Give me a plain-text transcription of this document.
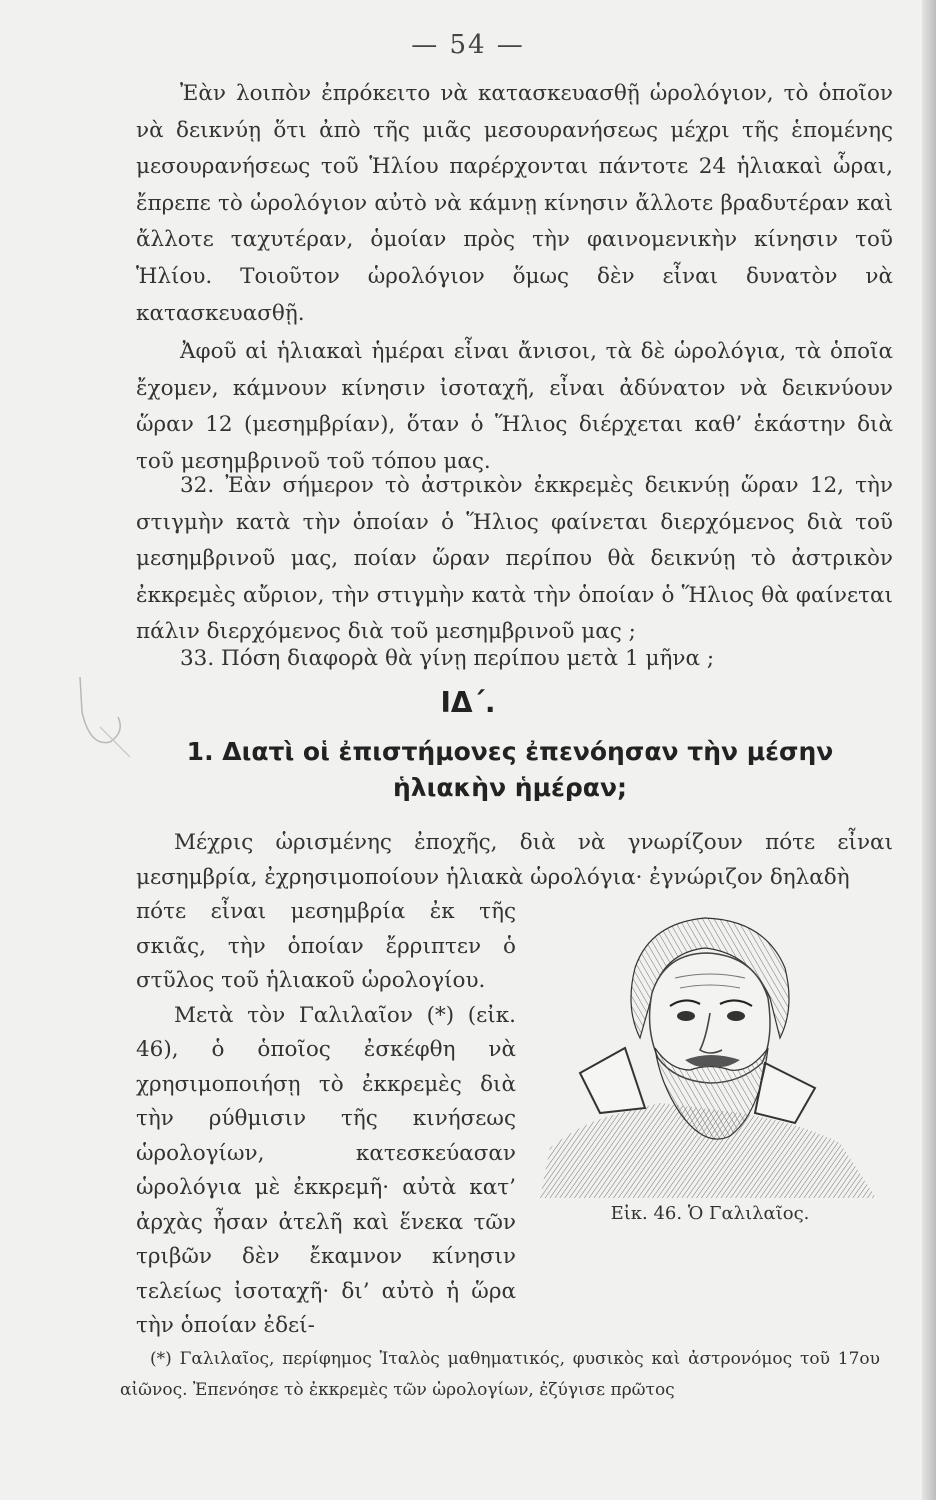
— 54 —

Ἐὰν λοιπὸν ἐπρόκειτο νὰ κατασκευασθῇ ὡρολόγιον, τὸ ὁποῖον νὰ δεικνύῃ ὅτι ἀπὸ τῆς μιᾶς μεσουρανήσεως μέχρι τῆς ἑπομένης μεσουρανήσεως τοῦ Ἡλίου παρέρχονται πάντοτε 24 ἡλιακαὶ ὧραι, ἔπρεπε τὸ ὡρολόγιον αὐτὸ νὰ κάμνῃ κίνησιν ἄλλοτε βραδυτέραν καὶ ἄλλοτε ταχυτέραν, ὁμοίαν πρὸς τὴν φαινομενικὴν κίνησιν τοῦ Ἡλίου. Τοιοῦτον ὡρολόγιον ὅμως δὲν εἶναι δυνατὸν νὰ κατασκευασθῇ.

Ἀφοῦ αἱ ἡλιακαὶ ἡμέραι εἶναι ἄνισοι, τὰ δὲ ὡρολόγια, τὰ ὁποῖα ἔχομεν, κάμνουν κίνησιν ἰσοταχῆ, εἶναι ἀδύνατον νὰ δεικνύουν ὥραν 12 (μεσημβρίαν), ὅταν ὁ Ἥλιος διέρχεται καθ’ ἑκάστην διὰ τοῦ μεσημβρινοῦ τοῦ τόπου μας.

32. Ἐὰν σήμερον τὸ ἀστρικὸν ἐκκρεμὲς δεικνύῃ ὥραν 12, τὴν στιγμὴν κατὰ τὴν ὁποίαν ὁ Ἥλιος φαίνεται διερχόμενος διὰ τοῦ μεσημβρινοῦ μας, ποίαν ὥραν περίπου θὰ δεικνύῃ τὸ ἀστρικὸν ἐκκρεμὲς αὔριον, τὴν στιγμὴν κατὰ τὴν ὁποίαν ὁ Ἥλιος θὰ φαίνεται πάλιν διερχόμενος διὰ τοῦ μεσημβρινοῦ μας ;

33. Πόση διαφορὰ θὰ γίνῃ περίπου μετὰ 1 μῆνα ;

ΙΔ΄.
1. Διατὶ οἱ ἐπιστήμονες ἐπενόησαν τὴν μέσην ἡλιακὴν ἡμέραν;

Μέχρις ὡρισμένης ἐποχῆς, διὰ νὰ γνωρίζουν πότε εἶναι μεσημβρία, ἐχρησιμοποίουν ἡλιακὰ ὡρολόγια· ἐγνώριζον δηλαδὴ

πότε εἶναι μεσημβρία ἐκ τῆς σκιᾶς, τὴν ὁποίαν ἔρριπτεν ὁ στῦλος τοῦ ἡλιακοῦ ὡρολογίου.

Μετὰ τὸν Γαλιλαῖον (*) (εἰκ. 46), ὁ ὁποῖος ἐσκέφθη νὰ χρησιμοποιήσῃ τὸ ἐκκρεμὲς διὰ τὴν ρύθμισιν τῆς κινήσεως ὡρολογίων, κατεσκεύασαν ὡρολόγια μὲ ἐκκρεμῆ· αὐτὰ κατ’ ἀρχὰς ἦσαν ἀτελῆ καὶ ἕνεκα τῶν τριβῶν δὲν ἔκαμνον κίνησιν τελείως ἰσοταχῆ· δι’ αὐτὸ ἡ ὥρα τὴν ὁποίαν ἐδεί-

Εἰκ. 46. Ὁ Γαλιλαῖος.

(*) Γαλιλαῖος, περίφημος Ἰταλὸς μαθηματικός, φυσικὸς καὶ ἀστρονόμος τοῦ 17ου αἰῶνος. Ἐπενόησε τὸ ἐκκρεμὲς τῶν ὡρολογίων, ἐζύγισε πρῶτος
